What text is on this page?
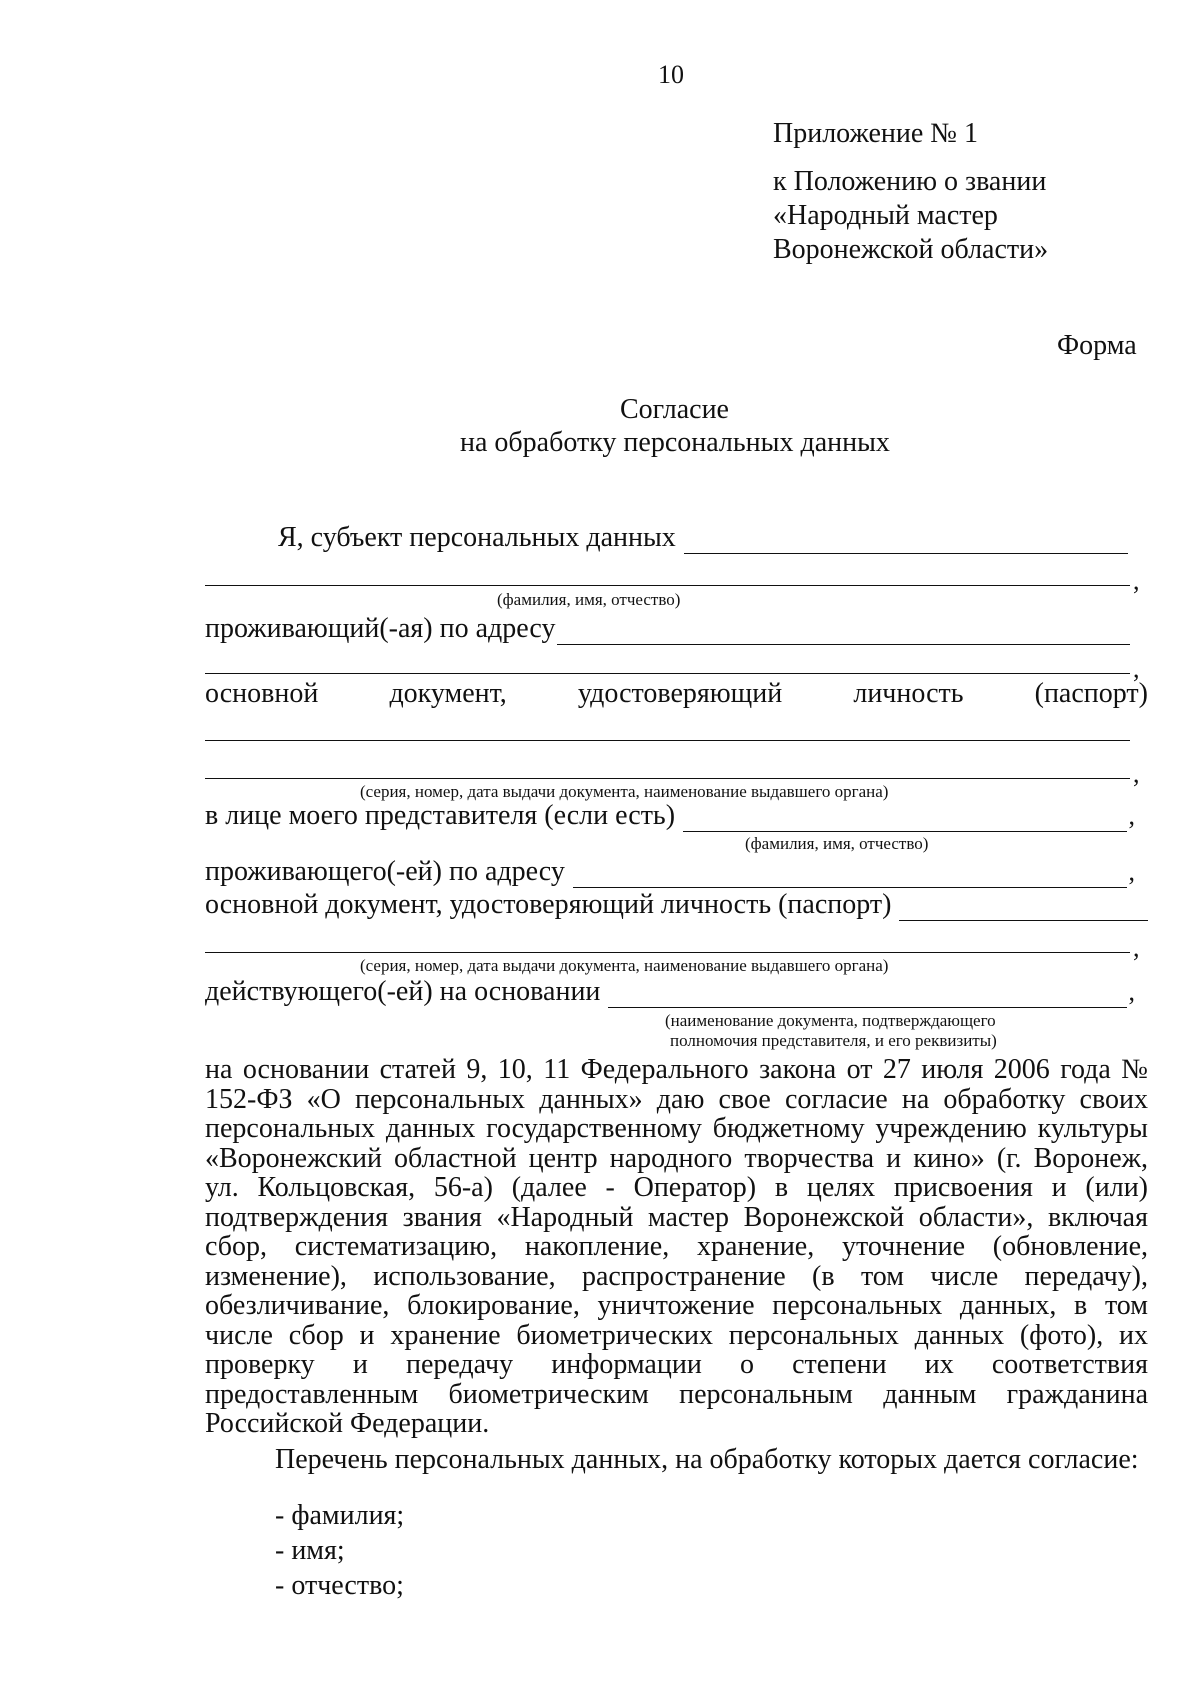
10
Приложение № 1
к Положению о звании
«Народный мастер
Воронежской области»
Форма
Согласие
на обработку персональных данных
Я, субъект персональных данных
,
(фамилия, имя, отчество)
проживающий(-ая) по адресу
,
основной	документ,	удостоверяющий	личность	(паспорт)
,
(серия, номер, дата выдачи документа, наименование выдавшего органа)
в лице моего представителя (если есть)	,
(фамилия, имя, отчество)
проживающего(-ей) по адресу	,
основной документ, удостоверяющий личность (паспорт)
,
(серия, номер, дата выдачи документа, наименование выдавшего органа)
действующего(-ей) на основании	,
(наименование документа, подтверждающего
полномочия представителя, и его реквизиты)

на основании статей 9, 10, 11 Федерального закона от 27 июля 2006 года № 152-ФЗ «О персональных данных» даю свое согласие на обработку своих персональных данных государственному бюджетному учреждению культуры «Воронежский областной центр народного творчества и кино» (г. Воронеж, ул. Кольцовская, 56-а) (далее - Оператор) в целях присвоения и (или) подтверждения звания «Народный мастер Воронежской области», включая сбор, систематизацию, накопление, хранение, уточнение (обновление, изменение), использование, распространение (в том числе передачу), обезличивание, блокирование, уничтожение персональных данных, в том числе сбор и хранение биометрических персональных данных (фото), их проверку и передачу информации о степени их соответствия предоставленным биометрическим персональным данным гражданина Российской Федерации.

Перечень персональных данных, на обработку которых дается согласие:

- фамилия;
- имя;
- отчество;
